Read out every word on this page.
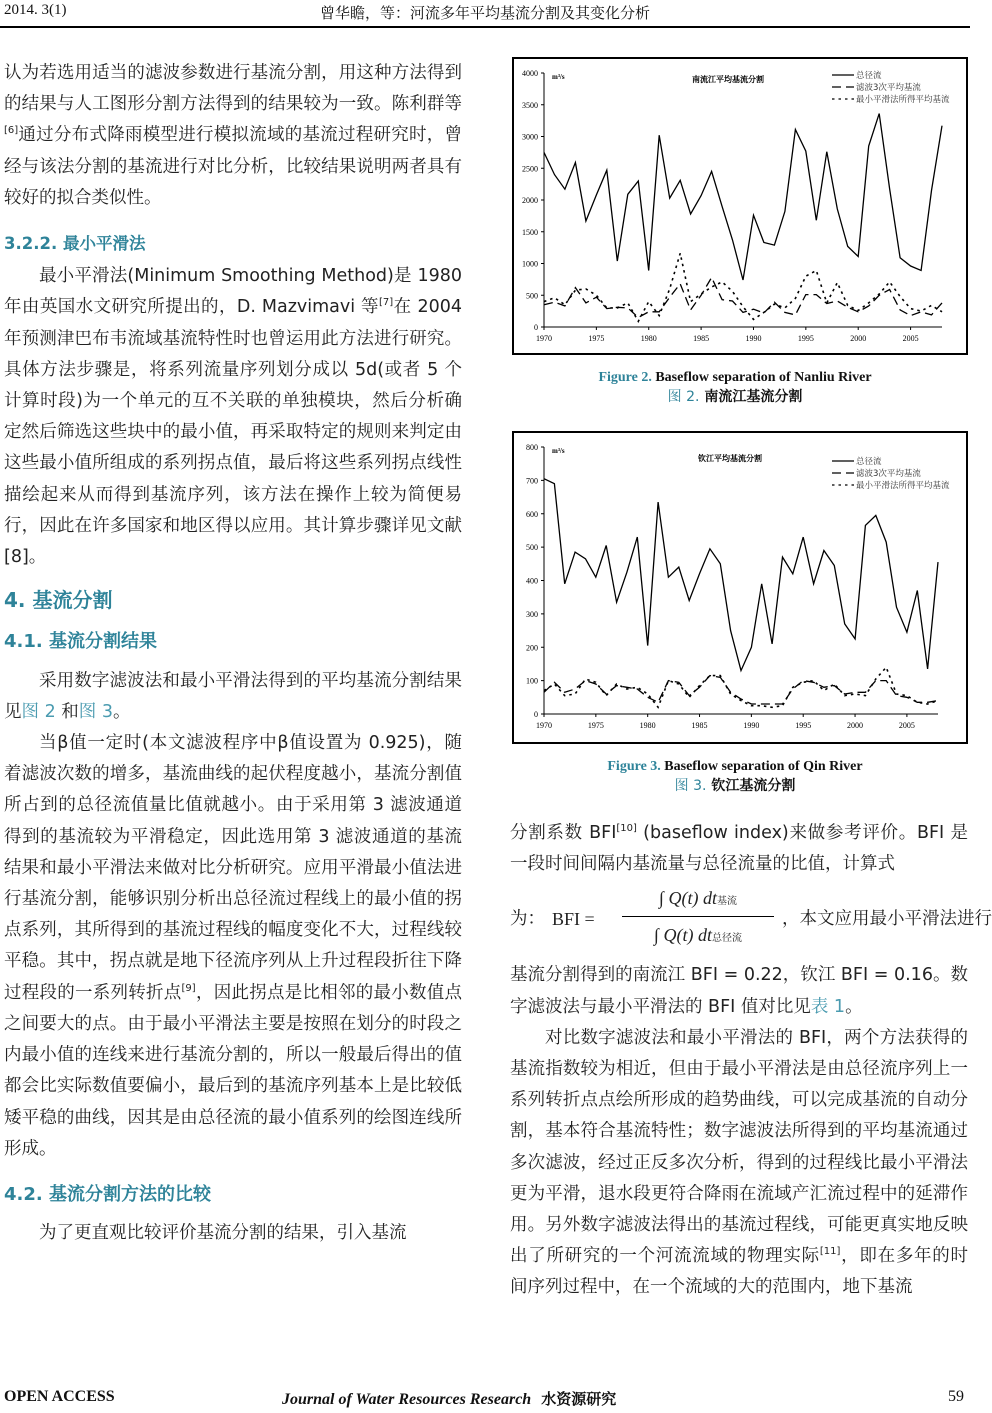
2014. 3(1)	曾华瞻，等：河流多年平均基流分割及其变化分析

认为若选用适当的滤波参数进行基流分割，用这种方法得到的结果与人工图形分割方法得到的结果较为一致。陈利群等[6]通过分布式降雨模型进行模拟流域的基流过程研究时，曾经与该法分割的基流进行对比分析，比较结果说明两者具有较好的拟合类似性。

3.2.2. 最小平滑法

最小平滑法(Minimum Smoothing Method)是 1980 年由英国水文研究所提出的，D. Mazvimavi 等[7]在 2004 年预测津巴布韦流域基流特性时也曾运用此方法进行研究。具体方法步骤是，将系列流量序列划分成以 5d(或者 5 个计算时段)为一个单元的互不关联的单独模块，然后分析确定然后筛选这些块中的最小值，再采取特定的规则来判定由这些最小值所组成的系列拐点值，最后将这些系列拐点线性描绘起来从而得到基流序列，该方法在操作上较为简便易行，因此在许多国家和地区得以应用。其计算步骤详见文献[8]。

4. 基流分割

4.1. 基流分割结果

采用数字滤波法和最小平滑法得到的平均基流分割结果见图 2 和图 3。

当β值一定时(本文滤波程序中β值设置为 0.925)，随着滤波次数的增多，基流曲线的起伏程度越小，基流分割值所占到的总径流值量比值就越小。由于采用第 3 滤波通道得到的基流较为平滑稳定，因此选用第 3 滤波通道的基流结果和最小平滑法来做对比分析研究。应用平滑最小值法进行基流分割，能够识别分析出总径流过程线上的最小值的拐点系列，其所得到的基流过程线的幅度变化不大，过程线较平稳。其中，拐点就是地下径流序列从上升过程段折往下降过程段的一系列转折点[9]，因此拐点是比相邻的最小数值点之间要大的点。由于最小平滑法主要是按照在划分的时段之内最小值的连线来进行基流分割的，所以一般最后得出的值都会比实际数值要偏小，最后到的基流序列基本上是比较低矮平稳的曲线，因其是由总径流的最小值系列的绘图连线所形成。

4.2. 基流分割方法的比较

为了更直观比较评价基流分割的结果，引入基流

0
500
1000
1500
2000
2500
3000
3500
4000
1970	1975	1980	1985	1990	1995	2000	2005
m³/s	南流江平均基流分割	总径流
滤波3次平均基流
最小平滑法所得平均基流
Figure 2. Baseflow separation of Nanliu River
图 2. 南流江基流分割
0
100
200
300
400
500
600
700
800
1970	1975	1980	1985	1990	1995	2000	2005
m³/s
钦江平均基流分割	总径流
滤波3次平均基流
最小平滑法所得平均基流
Figure 3. Baseflow separation of Qin River
图 3. 钦江基流分割

分割系数 BFI[10] (baseflow index)来做参考评价。BFI 是一段时间间隔内基流量与总径流量的比值，计算式

为： BFI =
∫ Q(t) dt基流
∫ Q(t) dt总径流
，本文应用最小平滑法进行

基流分割得到的南流江 BFI = 0.22，钦江 BFI = 0.16。数字滤波法与最小平滑法的 BFI 值对比见表 1。

对比数字滤波法和最小平滑法的 BFI，两个方法获得的基流指数较为相近，但由于最小平滑法是由总径流序列上一系列转折点点绘所形成的趋势曲线，可以完成基流的自动分割，基本符合基流特性；数字滤波法所得到的平均基流通过多次滤波，经过正反多次分析，得到的过程线比最小平滑法更为平滑，退水段更符合降雨在流域产汇流过程中的延滞作用。另外数字滤波法得出的基流过程线，可能更真实地反映出了所研究的一个河流流域的物理实际[11]，即在多年的时间序列过程中，在一个流域的大的范围内，地下基流

OPEN ACCESS	Journal of Water Resources Research 水资源研究	59
